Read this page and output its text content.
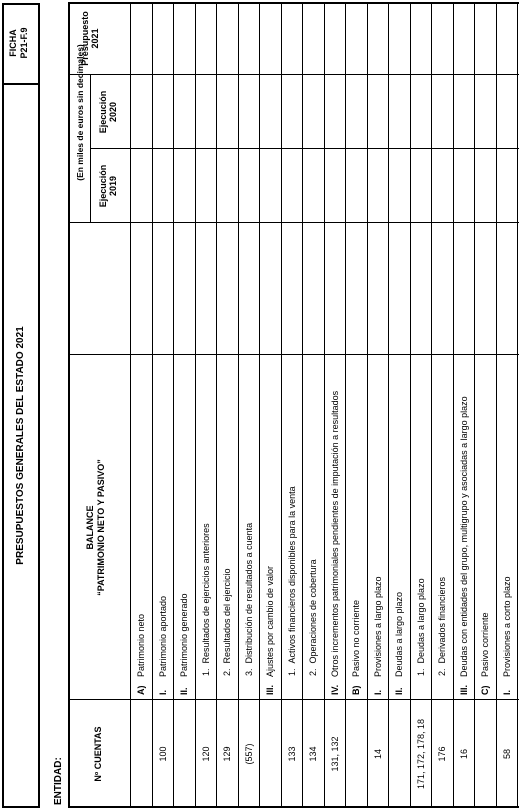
PRESUPUESTOS GENERALES DEL ESTADO 2021
FICHA P21-F.9
ENTIDAD:	Nº CUENTAS
BALANCE “PATRIMONIO NETO Y PASIVO”
(En miles de euros sin decimales)
Ejecución 2019
Ejecución 2020
Presupuesto 2021
A)Patrimonio neto
100
I.Patrimonio aportado
II.Patrimonio generado
120
1.Resultados de ejercicios anteriores
129
2.Resultados del ejercicio
(557)
3.Distribución de resultados a cuenta
III.Ajustes por cambio de valor
133
1.Activos financieros disponibles para la venta
134
2.Operaciones de cobertura
131, 132
IV.Otros incrementos patrimoniales pendientes de imputación a resultados
B)Pasivo no corriente
14
I.Provisiones a largo plazo
II.Deudas a largo plazo
171, 172, 178, 18
1.Deudas a largo plazo
176
2.Derivados financieros
16
III.Deudas con entidades del grupo, multigrupo y asociadas a largo plazo
C)Pasivo corriente
58
I.Provisiones a corto plazo
